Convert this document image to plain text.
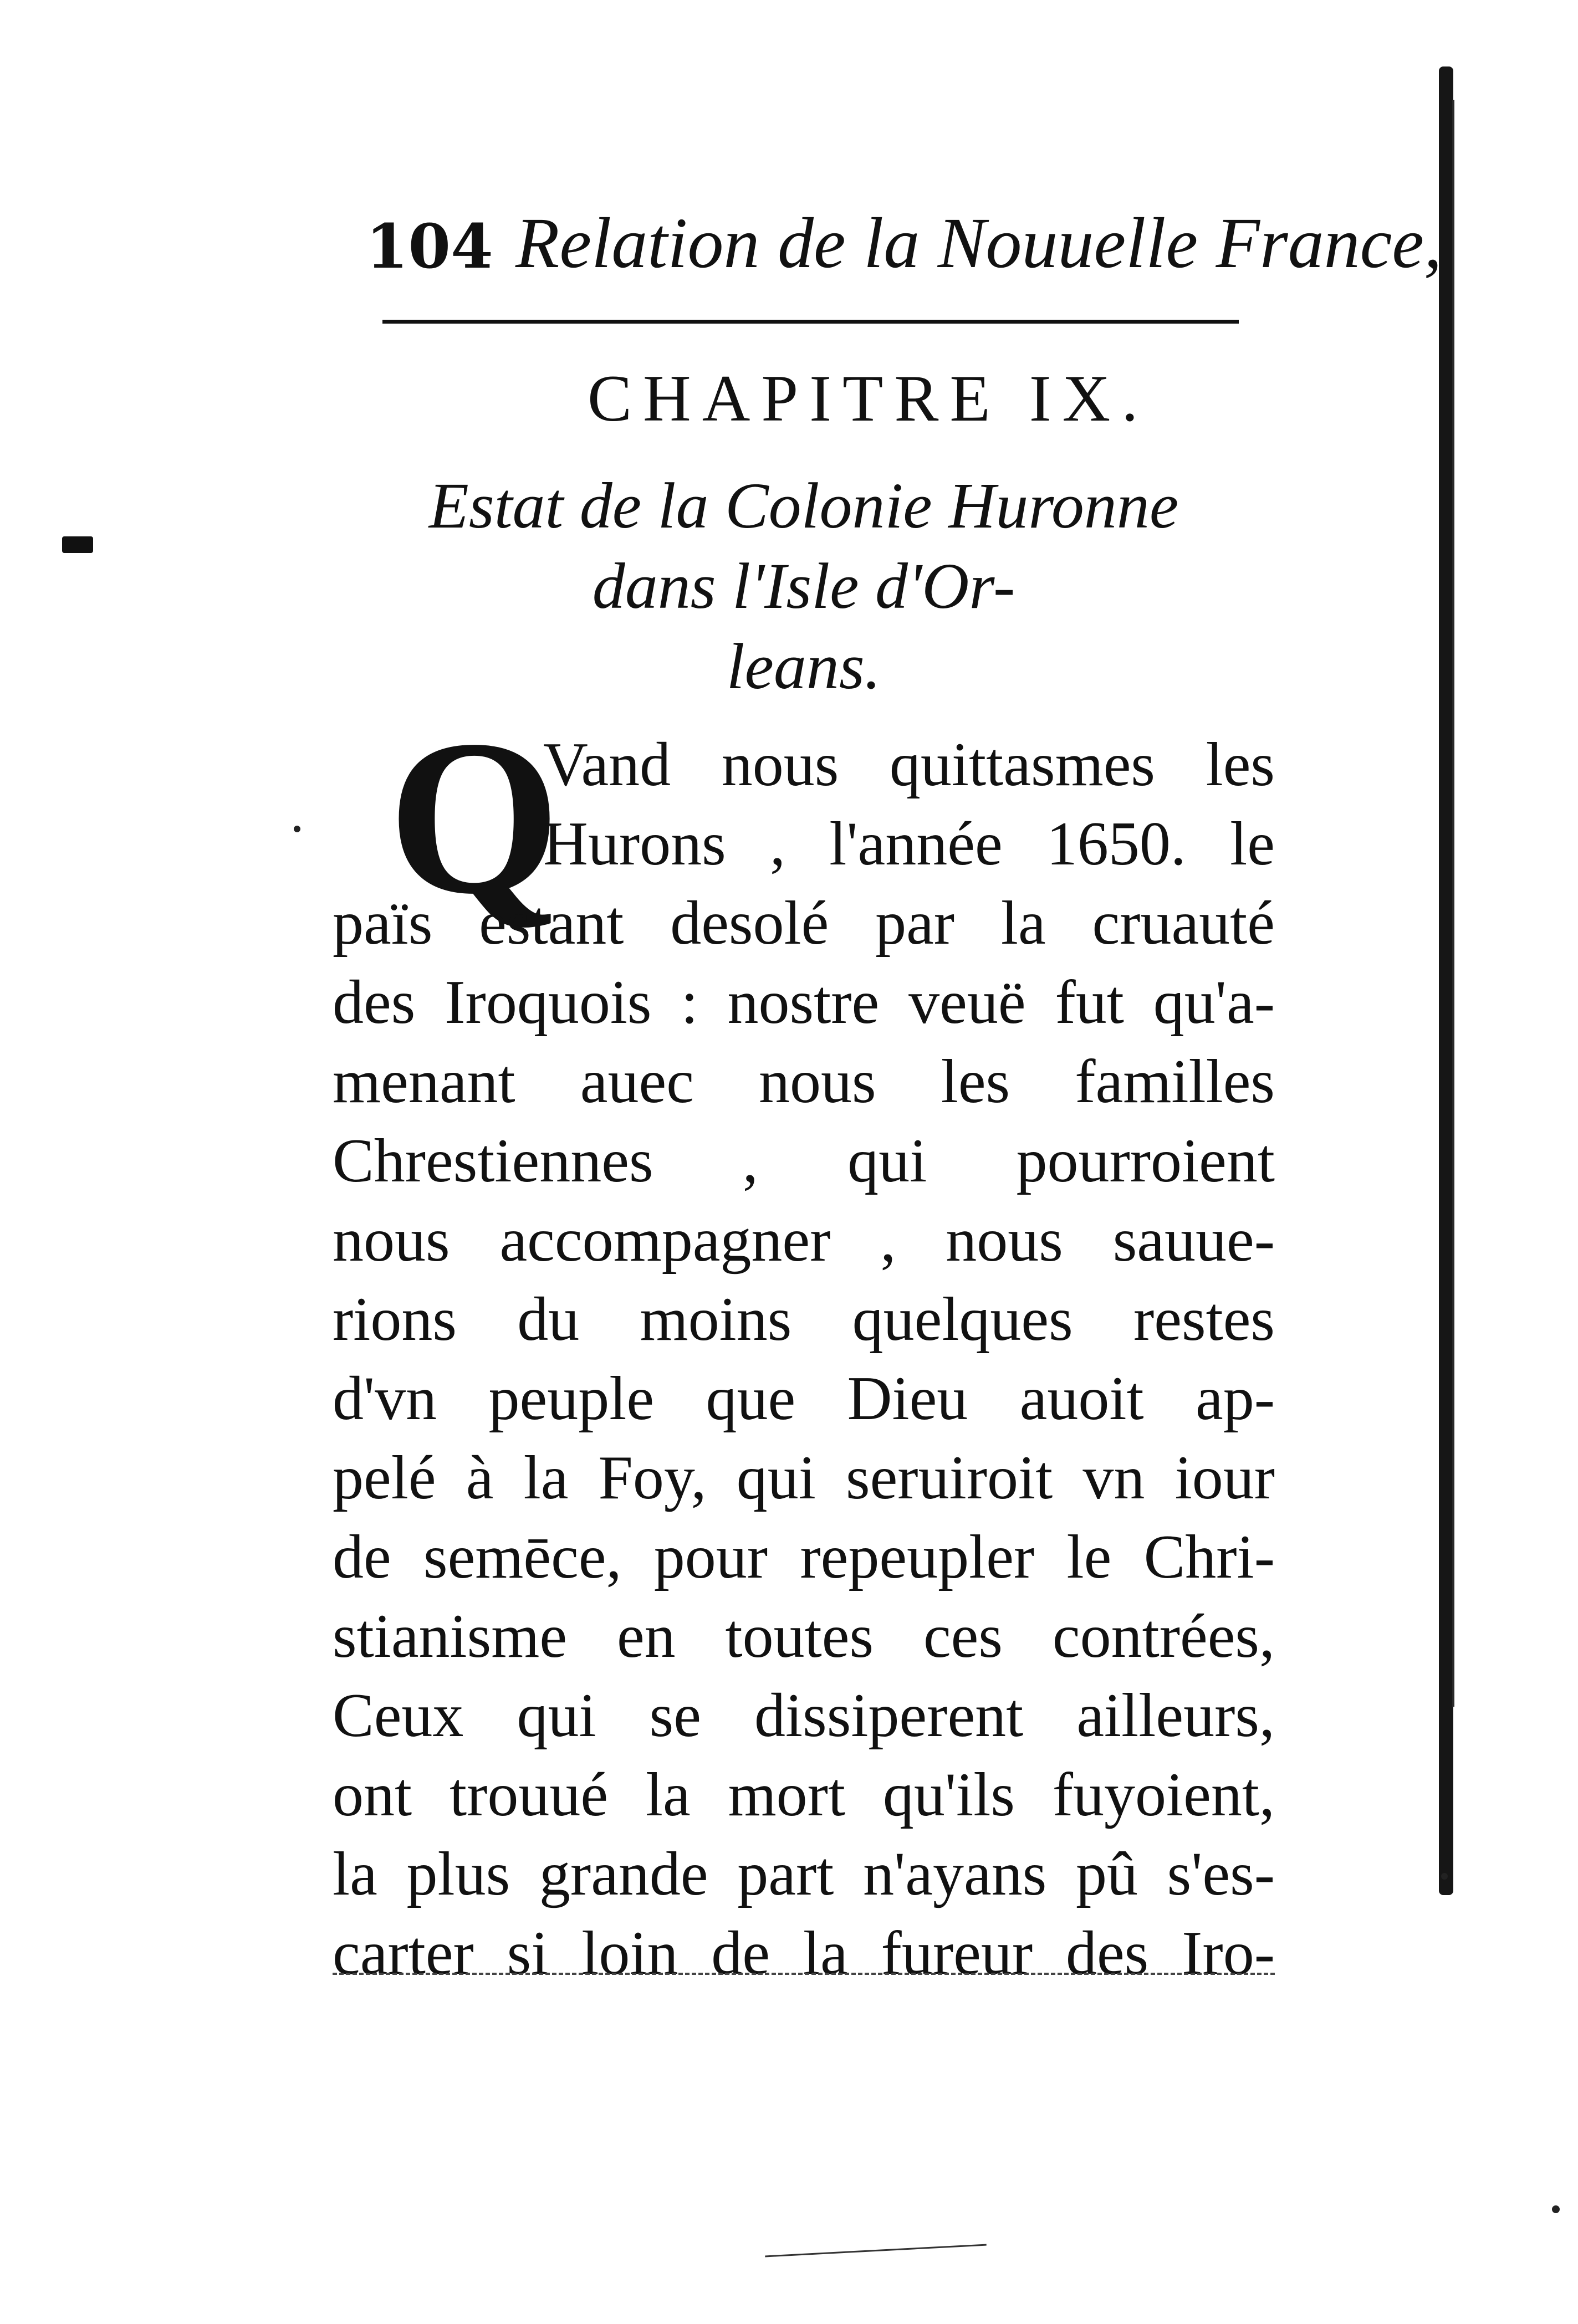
104 Relation de la Nouuelle France,
CHAPITRE IX.
Estat de la Colonie Huronne
dans l'Isle d'Or-
leans.
Q
Vand nous quittasmes les
Hurons , l'année 1650. le
païs estant desolé par la cruauté
des Iroquois : nostre veuë fut qu'a-
menant auec nous les familles
Chrestiennes , qui pourroient
nous accompagner , nous sauue-
rions du moins quelques restes
d'vn peuple que Dieu auoit ap-
pelé à la Foy, qui seruiroit vn iour
de semēce, pour repeupler le Chri-
stianisme en toutes ces contrées,
Ceux qui se dissiperent ailleurs,
ont trouué la mort qu'ils fuyoient,
la plus grande part n'ayans pû s'es-
carter si loin de la fureur des Iro-
